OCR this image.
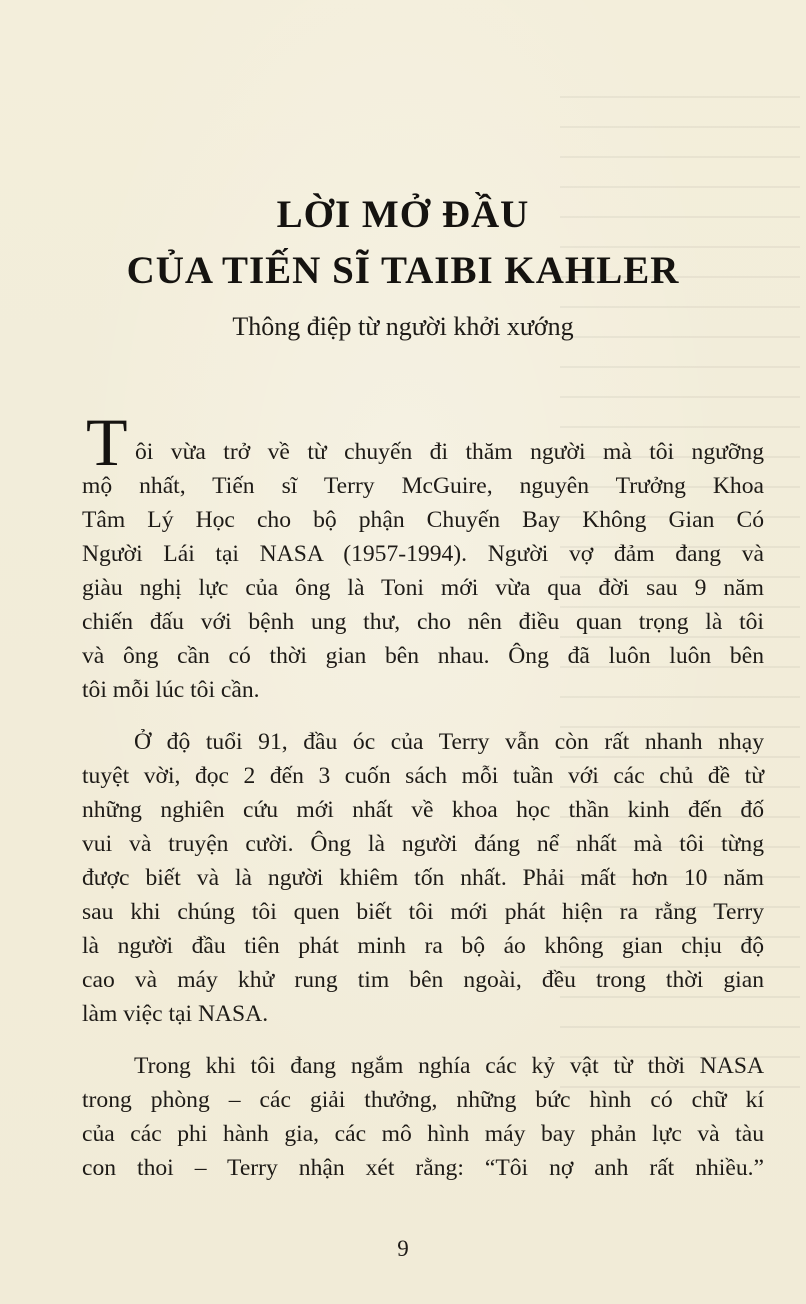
LỜI MỞ ĐẦU
CỦA TIẾN SĨ TAIBI KAHLER
Thông điệp từ người khởi xướng
T ôi vừa trở về từ chuyến đi thăm người mà tôi ngưỡng
mộ nhất, Tiến sĩ Terry McGuire, nguyên Trưởng Khoa
Tâm Lý Học cho bộ phận Chuyến Bay Không Gian Có
Người Lái tại NASA (1957-1994). Người vợ đảm đang và
giàu nghị lực của ông là Toni mới vừa qua đời sau 9 năm
chiến đấu với bệnh ung thư, cho nên điều quan trọng là tôi
và ông cần có thời gian bên nhau. Ông đã luôn luôn bên
tôi mỗi lúc tôi cần.
Ở độ tuổi 91, đầu óc của Terry vẫn còn rất nhanh nhạy
tuyệt vời, đọc 2 đến 3 cuốn sách mỗi tuần với các chủ đề từ
những nghiên cứu mới nhất về khoa học thần kinh đến đố
vui và truyện cười. Ông là người đáng nể nhất mà tôi từng
được biết và là người khiêm tốn nhất. Phải mất hơn 10 năm
sau khi chúng tôi quen biết tôi mới phát hiện ra rằng Terry
là người đầu tiên phát minh ra bộ áo không gian chịu độ
cao và máy khử rung tim bên ngoài, đều trong thời gian
làm việc tại NASA.
Trong khi tôi đang ngắm nghía các kỷ vật từ thời NASA
trong phòng – các giải thưởng, những bức hình có chữ kí
của các phi hành gia, các mô hình máy bay phản lực và tàu
con thoi – Terry nhận xét rằng: “Tôi nợ anh rất nhiều.”
9
